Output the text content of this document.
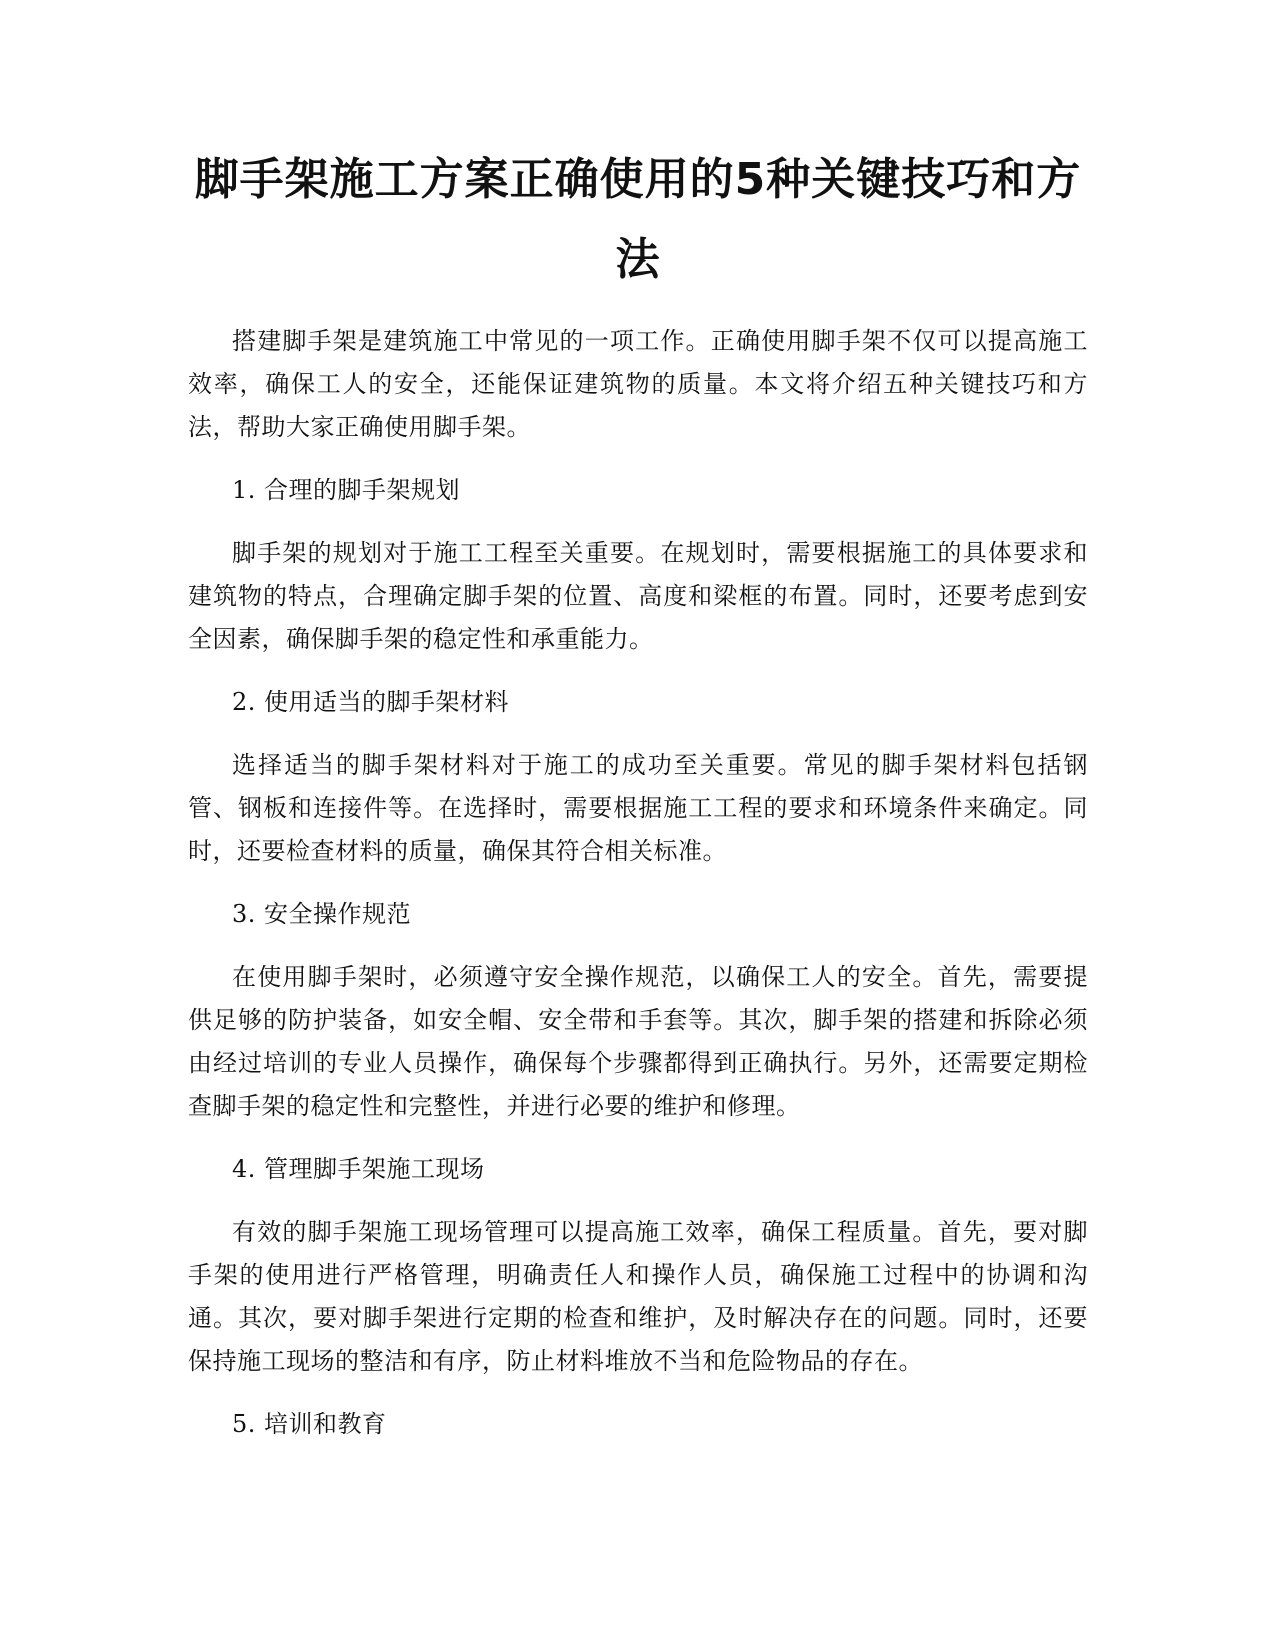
脚手架施工方案正确使用的5种关键技巧和方法

搭建脚手架是建筑施工中常见的一项工作。正确使用脚手架不仅可以提高施工效率，确保工人的安全，还能保证建筑物的质量。本文将介绍五种关键技巧和方法，帮助大家正确使用脚手架。

1. 合理的脚手架规划

脚手架的规划对于施工工程至关重要。在规划时，需要根据施工的具体要求和建筑物的特点，合理确定脚手架的位置、高度和梁框的布置。同时，还要考虑到安全因素，确保脚手架的稳定性和承重能力。

2. 使用适当的脚手架材料

选择适当的脚手架材料对于施工的成功至关重要。常见的脚手架材料包括钢管、钢板和连接件等。在选择时，需要根据施工工程的要求和环境条件来确定。同时，还要检查材料的质量，确保其符合相关标准。

3. 安全操作规范

在使用脚手架时，必须遵守安全操作规范，以确保工人的安全。首先，需要提供足够的防护装备，如安全帽、安全带和手套等。其次，脚手架的搭建和拆除必须由经过培训的专业人员操作，确保每个步骤都得到正确执行。另外，还需要定期检查脚手架的稳定性和完整性，并进行必要的维护和修理。

4. 管理脚手架施工现场

有效的脚手架施工现场管理可以提高施工效率，确保工程质量。首先，要对脚手架的使用进行严格管理，明确责任人和操作人员，确保施工过程中的协调和沟通。其次，要对脚手架进行定期的检查和维护，及时解决存在的问题。同时，还要保持施工现场的整洁和有序，防止材料堆放不当和危险物品的存在。

5. 培训和教育
